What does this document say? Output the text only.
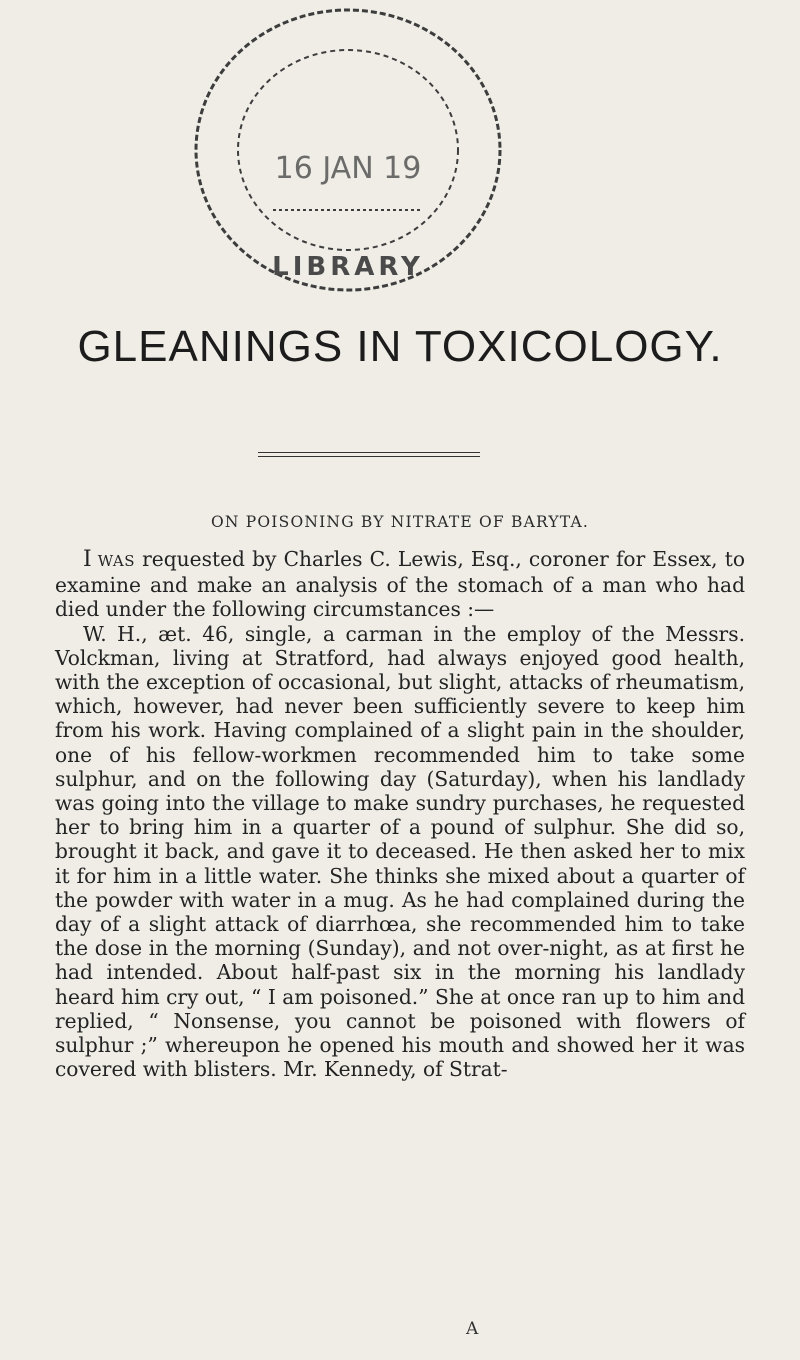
16 JAN 19
LIBRARY
GLEANINGS IN TOXICOLOGY.
ON POISONING BY NITRATE OF BARYTA.

I WAS requested by Charles C. Lewis, Esq., coroner for Essex, to examine and make an analysis of the stomach of a man who had died under the following circumstances :—

W. H., æt. 46, single, a carman in the employ of the Messrs. Volckman, living at Stratford, had always enjoyed good health, with the exception of occasional, but slight, attacks of rheumatism, which, however, had never been sufficiently severe to keep him from his work. Having complained of a slight pain in the shoulder, one of his fellow-workmen recommended him to take some sulphur, and on the following day (Saturday), when his landlady was going into the village to make sundry purchases, he requested her to bring him in a quarter of a pound of sulphur. She did so, brought it back, and gave it to deceased. He then asked her to mix it for him in a little water. She thinks she mixed about a quarter of the powder with water in a mug. As he had complained during the day of a slight attack of diarrhœa, she recommended him to take the dose in the morning (Sunday), and not over-night, as at first he had intended. About half-past six in the morning his landlady heard him cry out, “ I am poisoned.” She at once ran up to him and replied, “ Nonsense, you cannot be poisoned with flowers of sulphur ;” whereupon he opened his mouth and showed her it was covered with blisters. Mr. Kennedy, of Strat-

A
